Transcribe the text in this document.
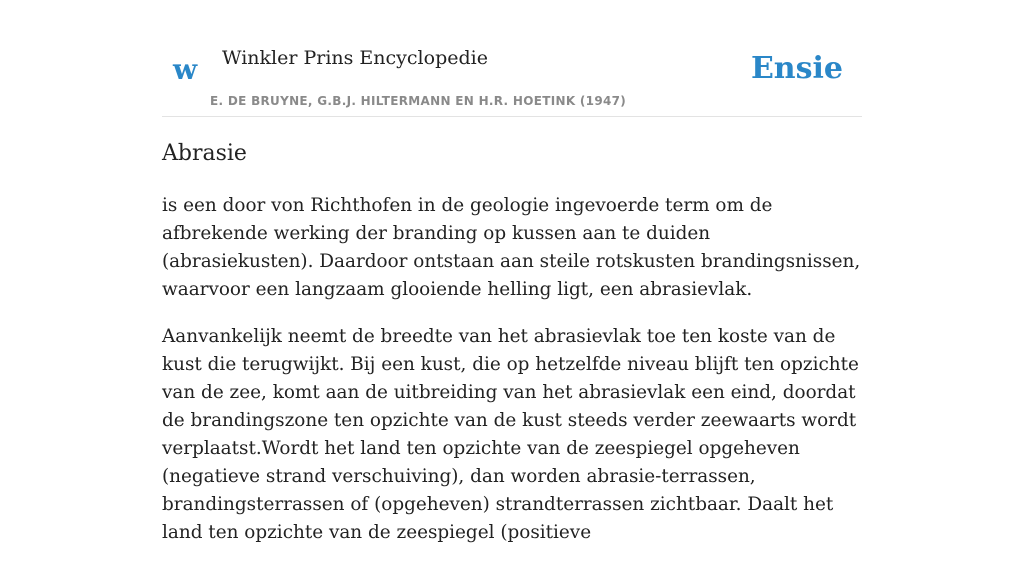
w Winkler Prins Encyclopedie
E. DE BRUYNE, G.B.J. HILTERMANN EN H.R. HOETINK (1947)
Ensie
Abrasie

is een door von Richthofen in de geologie ingevoerde term om de afbrekende werking der branding op kussen aan te duiden (abrasiekusten). Daardoor ontstaan aan steile rotskusten brandingsnissen, waarvoor een langzaam glooiende helling ligt, een abrasievlak.

Aanvankelijk neemt de breedte van het abrasievlak toe ten koste van de kust die terugwijkt. Bij een kust, die op hetzelfde niveau blijft ten opzichte van de zee, komt aan de uitbreiding van het abrasievlak een eind, doordat de brandingszone ten opzichte van de kust steeds verder zeewaarts wordt verplaatst.Wordt het land ten opzichte van de zeespiegel opgeheven (negatieve strand verschuiving), dan worden abrasie-terrassen, brandingsterrassen of (opgeheven) strandterrassen zichtbaar. Daalt het land ten opzichte van de zeespiegel (positieve
